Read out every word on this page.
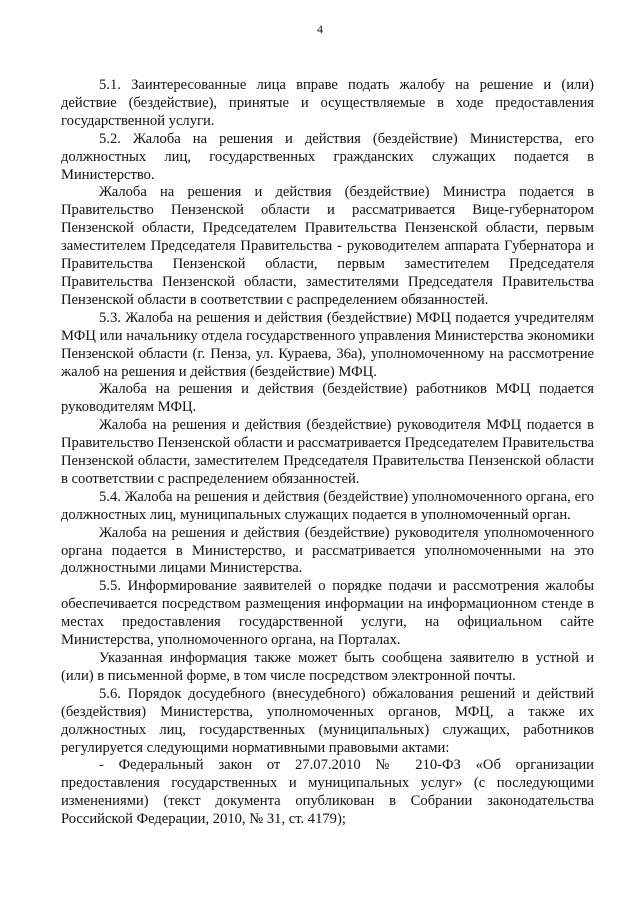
4

5.1. Заинтересованные лица вправе подать жалобу на решение и (или) действие (бездействие), принятые и осуществляемые в ходе предоставления государственной услуги.

5.2. Жалоба на решения и действия (бездействие) Министерства, его должностных лиц, государственных гражданских служащих подается в Министерство.

Жалоба на решения и действия (бездействие) Министра подается в Правительство Пензенской области и рассматривается Вице-губернатором Пензенской области, Председателем Правительства Пензенской области, первым заместителем Председателя Правительства - руководителем аппарата Губернатора и Правительства Пензенской области, первым заместителем Председателя Правительства Пензенской области, заместителями Председателя Правительства Пензенской области в соответствии с распределением обязанностей.

5.3. Жалоба на решения и действия (бездействие) МФЦ подается учредителям МФЦ или начальнику отдела государственного управления Министерства экономики Пензенской области (г. Пенза, ул. Кураева, 36а), уполномоченному на рассмотрение жалоб на решения и действия (бездействие) МФЦ.

Жалоба на решения и действия (бездействие) работников МФЦ подается руководителям МФЦ.

Жалоба на решения и действия (бездействие) руководителя МФЦ подается в Правительство Пензенской области и рассматривается Председателем Правительства Пензенской области, заместителем Председателя Правительства Пензенской области в соответствии с распределением обязанностей.

5.4. Жалоба на решения и действия (бездействие) уполномоченного органа, его должностных лиц, муниципальных служащих подается в уполномоченный орган.

Жалоба на решения и действия (бездействие) руководителя уполномоченного органа подается в Министерство, и рассматривается уполномоченными на это должностными лицами Министерства.

5.5. Информирование заявителей о порядке подачи и рассмотрения жалобы обеспечивается посредством размещения информации на информационном стенде в местах предоставления государственной услуги, на официальном сайте Министерства, уполномоченного органа, на Порталах.

Указанная информация также может быть сообщена заявителю в устной и (или) в письменной форме, в том числе посредством электронной почты.

5.6. Порядок досудебного (внесудебного) обжалования решений и действий (бездействия) Министерства, уполномоченных органов, МФЦ, а также их должностных лиц, государственных (муниципальных) служащих, работников регулируется следующими нормативными правовыми актами:

- Федеральный закон от 27.07.2010 № 210-ФЗ «Об организации предоставления государственных и муниципальных услуг» (с последующими изменениями) (текст документа опубликован в Собрании законодательства Российской Федерации, 2010, № 31, ст. 4179);
